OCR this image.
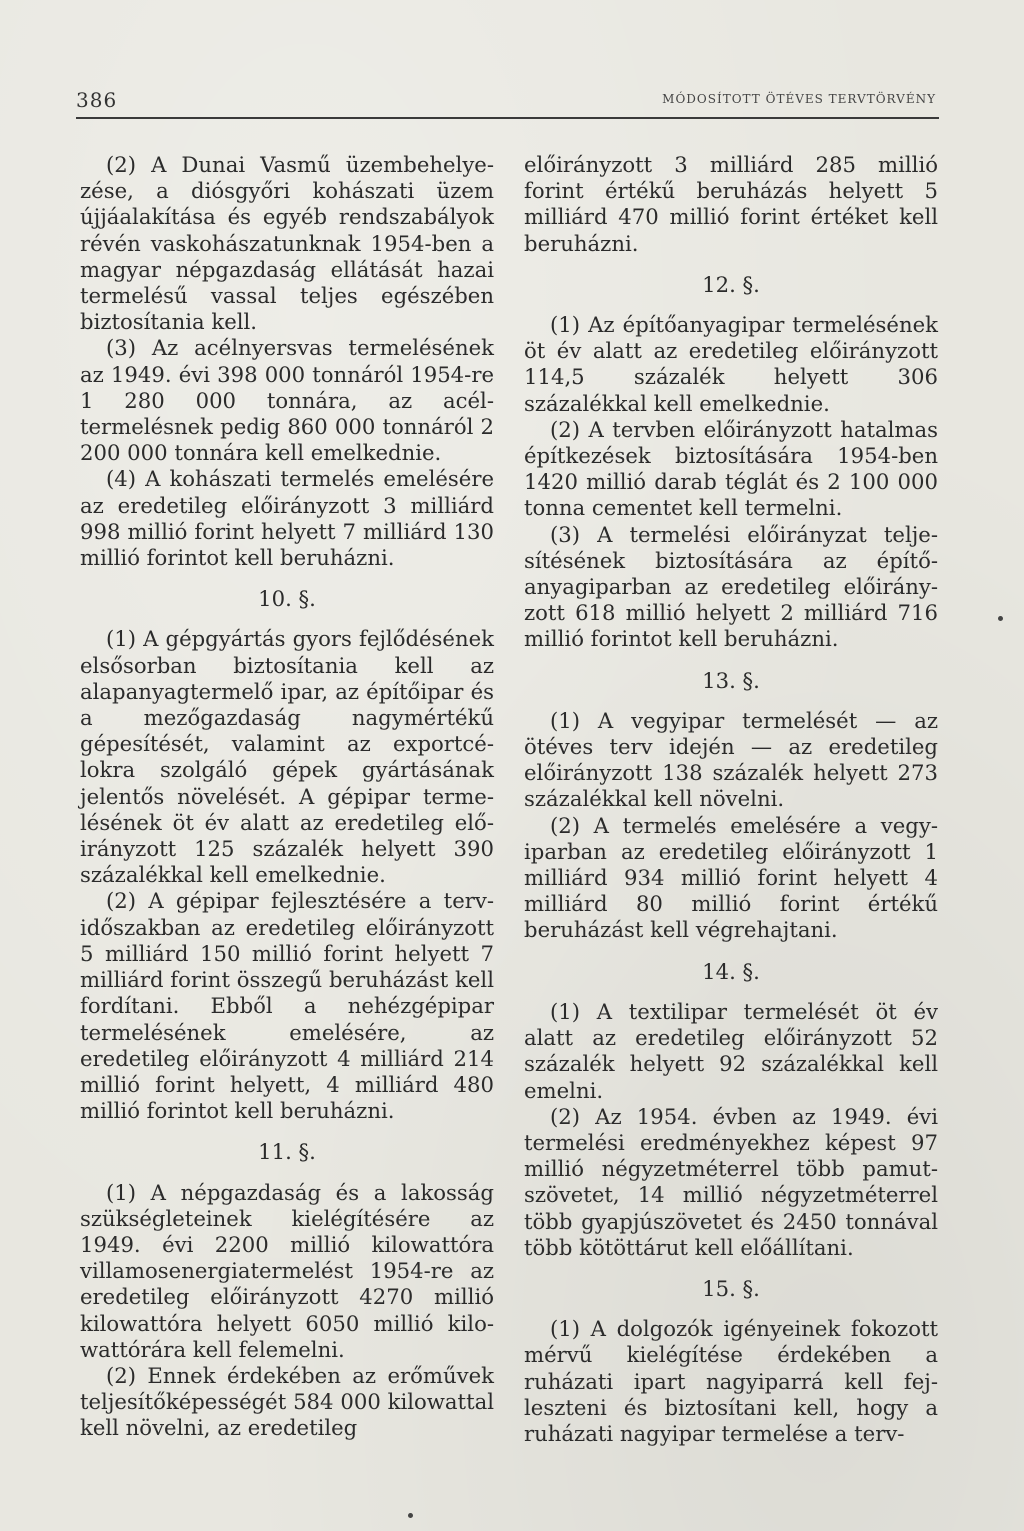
386	MÓDOSÍTOTT ÖTÉVES TERVTÖRVÉNY

(2) A Dunai Vasmű üzembehelyezése, a diósgyőri kohászati üzem újjáalakítása és egyéb rendszabályok révén vaskohászatunknak 1954-ben a magyar népgazdaság ellátását hazai termelésű vassal teljes egészében biztosítania kell.

(3) Az acélnyersvas termelésének az 1949. évi 398 000 tonnáról 1954-re 1 280 000 tonnára, az acéltermelésnek pedig 860 000 tonnáról 2 200 000 tonnára kell emelkednie.

(4) A kohászati termelés emelésére az eredetileg előirányzott 3 milliárd 998 millió forint helyett 7 milliárd 130 millió forintot kell beruházni.

10. §.

(1) A gépgyártás gyors fejlődésének elsősorban biztosítania kell az alapanyagtermelő ipar, az építőipar és a mezőgazdaság nagymértékű gépesítését, valamint az exportcélokra szolgáló gépek gyártásának jelentős növelését. A gépipar termelésének öt év alatt az eredetileg előirányzott 125 százalék helyett 390 százalékkal kell emelkednie.

(2) A gépipar fejlesztésére a tervidőszakban az eredetileg előirányzott 5 milliárd 150 millió forint helyett 7 milliárd forint összegű beruházást kell fordítani. Ebből a nehézgépipar termelésének emelésére, az eredetileg előirányzott 4 milliárd 214 millió forint helyett, 4 milliárd 480 millió forintot kell beruházni.

11. §.

(1) A népgazdaság és a lakosság szükségleteinek kielégítésére az 1949. évi 2200 millió kilowattóra villamosenergiatermelést 1954-re az eredetileg előirányzott 4270 millió kilowattóra helyett 6050 millió kilowattórára kell felemelni.

(2) Ennek érdekében az erőművek teljesítőképességét 584 000 kilowattal kell növelni, az eredetileg

előirányzott 3 milliárd 285 millió forint értékű beruházás helyett 5 milliárd 470 millió forint értéket kell beruházni.

12. §.

(1) Az építőanyagipar termelésének öt év alatt az eredetileg előirányzott 114,5 százalék helyett 306 százalékkal kell emelkednie.

(2) A tervben előirányzott hatalmas építkezések biztosítására 1954-ben 1420 millió darab téglát és 2 100 000 tonna cementet kell termelni.

(3) A termelési előirányzat teljesítésének biztosítására az építőanyagiparban az eredetileg előirányzott 618 millió helyett 2 milliárd 716 millió forintot kell beruházni.

13. §.

(1) A vegyipar termelését — az ötéves terv idején — az eredetileg előirányzott 138 százalék helyett 273 százalékkal kell növelni.

(2) A termelés emelésére a vegyiparban az eredetileg előirányzott 1 milliárd 934 millió forint helyett 4 milliárd 80 millió forint értékű beruházást kell végrehajtani.

14. §.

(1) A textilipar termelését öt év alatt az eredetileg előirányzott 52 százalék helyett 92 százalékkal kell emelni.

(2) Az 1954. évben az 1949. évi termelési eredményekhez képest 97 millió négyzetméterrel több pamutszövetet, 14 millió négyzetméterrel több gyapjúszövetet és 2450 tonnával több kötöttárut kell előállítani.

15. §.

(1) A dolgozók igényeinek fokozott mérvű kielégítése érdekében a ruházati ipart nagyiparrá kell fejleszteni és biztosítani kell, hogy a ruházati nagyipar termelése a terv-
